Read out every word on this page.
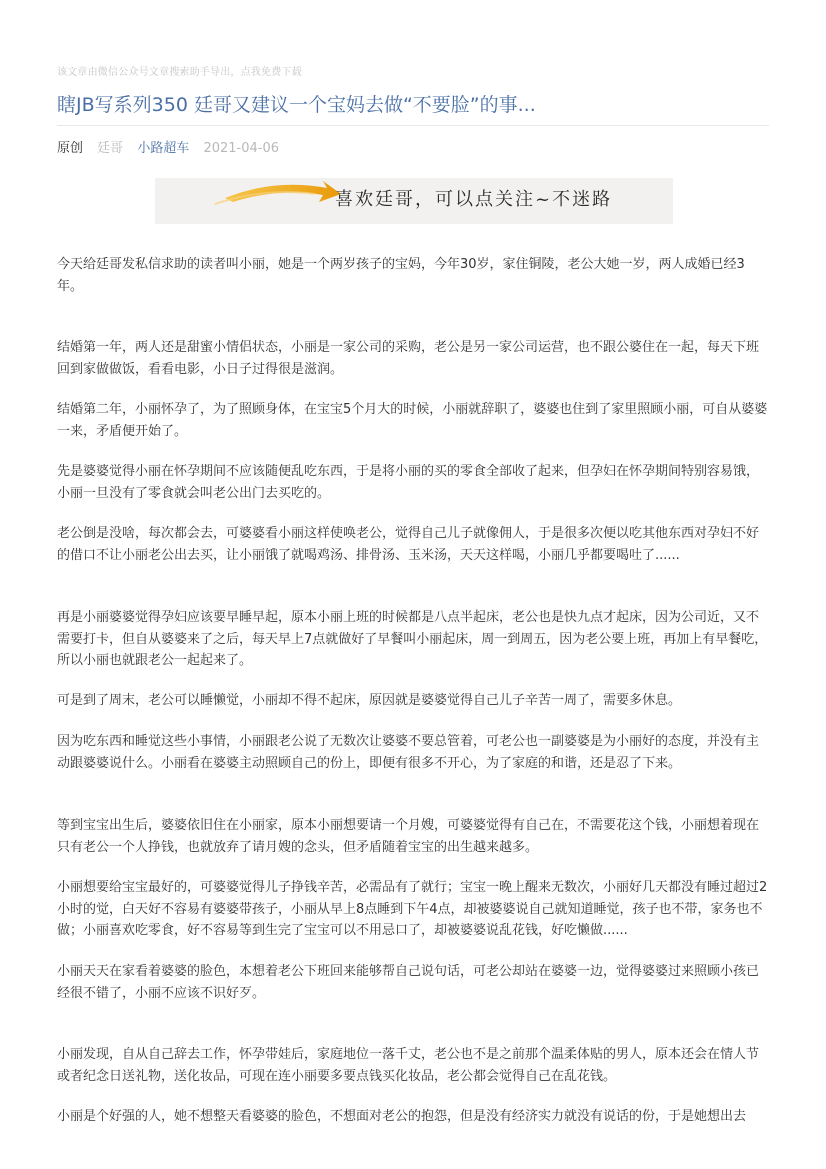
该文章由微信公众号文章搜索助手导出，点我免费下载
瞎JB写系列350 廷哥又建议一个宝妈去做“不要脸”的事...
原创 廷哥 小路超车 2021-04-06
喜欢廷哥，可以点关注~不迷路

今天给廷哥发私信求助的读者叫小丽，她是一个两岁孩子的宝妈，今年30岁，家住铜陵，老公大她一岁，两人成婚已经3年。

结婚第一年，两人还是甜蜜小情侣状态，小丽是一家公司的采购，老公是另一家公司运营，也不跟公婆住在一起，每天下班回到家做做饭，看看电影，小日子过得很是滋润。

结婚第二年，小丽怀孕了，为了照顾身体，在宝宝5个月大的时候，小丽就辞职了，婆婆也住到了家里照顾小丽，可自从婆婆一来，矛盾便开始了。

先是婆婆觉得小丽在怀孕期间不应该随便乱吃东西，于是将小丽的买的零食全部收了起来，但孕妇在怀孕期间特别容易饿，小丽一旦没有了零食就会叫老公出门去买吃的。

老公倒是没啥，每次都会去，可婆婆看小丽这样使唤老公，觉得自己儿子就像佣人，于是很多次便以吃其他东西对孕妇不好的借口不让小丽老公出去买，让小丽饿了就喝鸡汤、排骨汤、玉米汤，天天这样喝，小丽几乎都要喝吐了......

再是小丽婆婆觉得孕妇应该要早睡早起，原本小丽上班的时候都是八点半起床，老公也是快九点才起床，因为公司近，又不需要打卡，但自从婆婆来了之后，每天早上7点就做好了早餐叫小丽起床，周一到周五，因为老公要上班，再加上有早餐吃，所以小丽也就跟老公一起起来了。

可是到了周末，老公可以睡懒觉，小丽却不得不起床，原因就是婆婆觉得自己儿子辛苦一周了，需要多休息。

因为吃东西和睡觉这些小事情，小丽跟老公说了无数次让婆婆不要总管着，可老公也一副婆婆是为小丽好的态度，并没有主动跟婆婆说什么。小丽看在婆婆主动照顾自己的份上，即便有很多不开心，为了家庭的和谐，还是忍了下来。

等到宝宝出生后，婆婆依旧住在小丽家，原本小丽想要请一个月嫂，可婆婆觉得有自己在，不需要花这个钱，小丽想着现在只有老公一个人挣钱，也就放弃了请月嫂的念头，但矛盾随着宝宝的出生越来越多。

小丽想要给宝宝最好的，可婆婆觉得儿子挣钱辛苦，必需品有了就行；宝宝一晚上醒来无数次，小丽好几天都没有睡过超过2小时的觉，白天好不容易有婆婆带孩子，小丽从早上8点睡到下午4点，却被婆婆说自己就知道睡觉，孩子也不带，家务也不做；小丽喜欢吃零食，好不容易等到生完了宝宝可以不用忌口了，却被婆婆说乱花钱，好吃懒做......

小丽天天在家看着婆婆的脸色，本想着老公下班回来能够帮自己说句话，可老公却站在婆婆一边，觉得婆婆过来照顾小孩已经很不错了，小丽不应该不识好歹。

小丽发现，自从自己辞去工作，怀孕带娃后，家庭地位一落千丈，老公也不是之前那个温柔体贴的男人，原本还会在情人节或者纪念日送礼物，送化妆品，可现在连小丽要多要点钱买化妆品，老公都会觉得自己在乱花钱。

小丽是个好强的人，她不想整天看婆婆的脸色，不想面对老公的抱怨，但是没有经济实力就没有说话的份，于是她想出去
